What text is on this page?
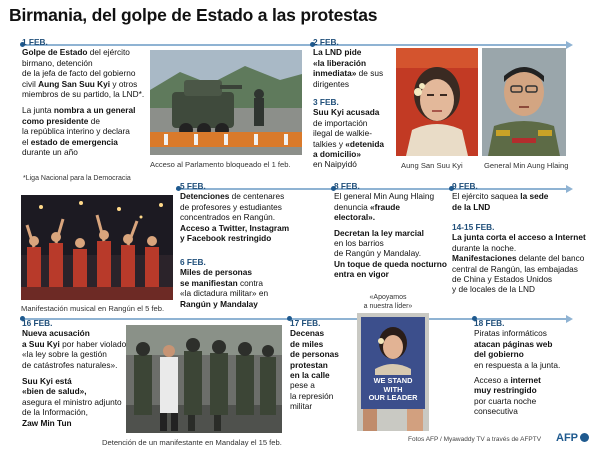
Birmania, del golpe de Estado a las protestas
1 FEB.
Golpe de Estado del ejército
birmano, detención
de la jefa de facto del gobierno
civil Aung San Suu Kyi y otros
miembros de su partido, la LND*.
La junta nombra a un general
como presidente de
la república interino y declara
el estado de emergencia
durante un año
*Liga Nacional para la Democracia
Acceso al Parlamento bloqueado el 1 feb.
2 FEB.
La LND pide
«la liberación
inmediata» de sus
dirigentes
3 FEB.
Suu Kyi acusada
de importación
ilegal de walkie-
talkies y «detenida
a domicilio»
en Naipyidó	Aung San Suu Kyi	General Min Aung Hlaing
Manifestación musical en Rangún el 5 feb.
5 FEB.
Detenciones de centenares
de profesores y estudiantes
concentrados en Rangún.
Acceso a Twitter, Instagram
y Facebook restringido
6 FEB.
Miles de personas
se manifiestan contra
«la dictadura militar» en
Rangún y Mandalay
8 FEB.
El general Min Aung Hlaing
denuncia «fraude
electoral».
Decretan la ley marcial
en los barrios
de Rangún y Mandalay.
Un toque de queda nocturno
entra en vigor
9 FEB.
El ejército saquea la sede
de la LND
14-15 FEB.
La junta corta el acceso a Internet
durante la noche.
Manifestaciones delante del banco
central de Rangún, las embajadas
de China y Estados Unidos
y de locales de la LND
16 FEB.
Nueva acusación
a Suu Kyi por haber violado
«la ley sobre la gestión
de catástrofes naturales».
Suu Kyi está
«bien de salud»,
asegura el ministro adjunto
de la Información,
Zaw Min Tun
Detención de un manifestante en Mandalay el 15 feb.
17 FEB.
Decenas
de miles
de personas
protestan
en la calle
pese a
la represión
militar
«Apoyamos
a nuestra líder»
WE STAND
WITH
OUR LEADER
18 FEB.
Piratas informáticos
atacan páginas web
del gobierno
en respuesta a la junta.
Acceso a internet
muy restringido
por cuarta noche
consecutiva
Fotos AFP / Myawaddy TV a través de AFPTV AFP
